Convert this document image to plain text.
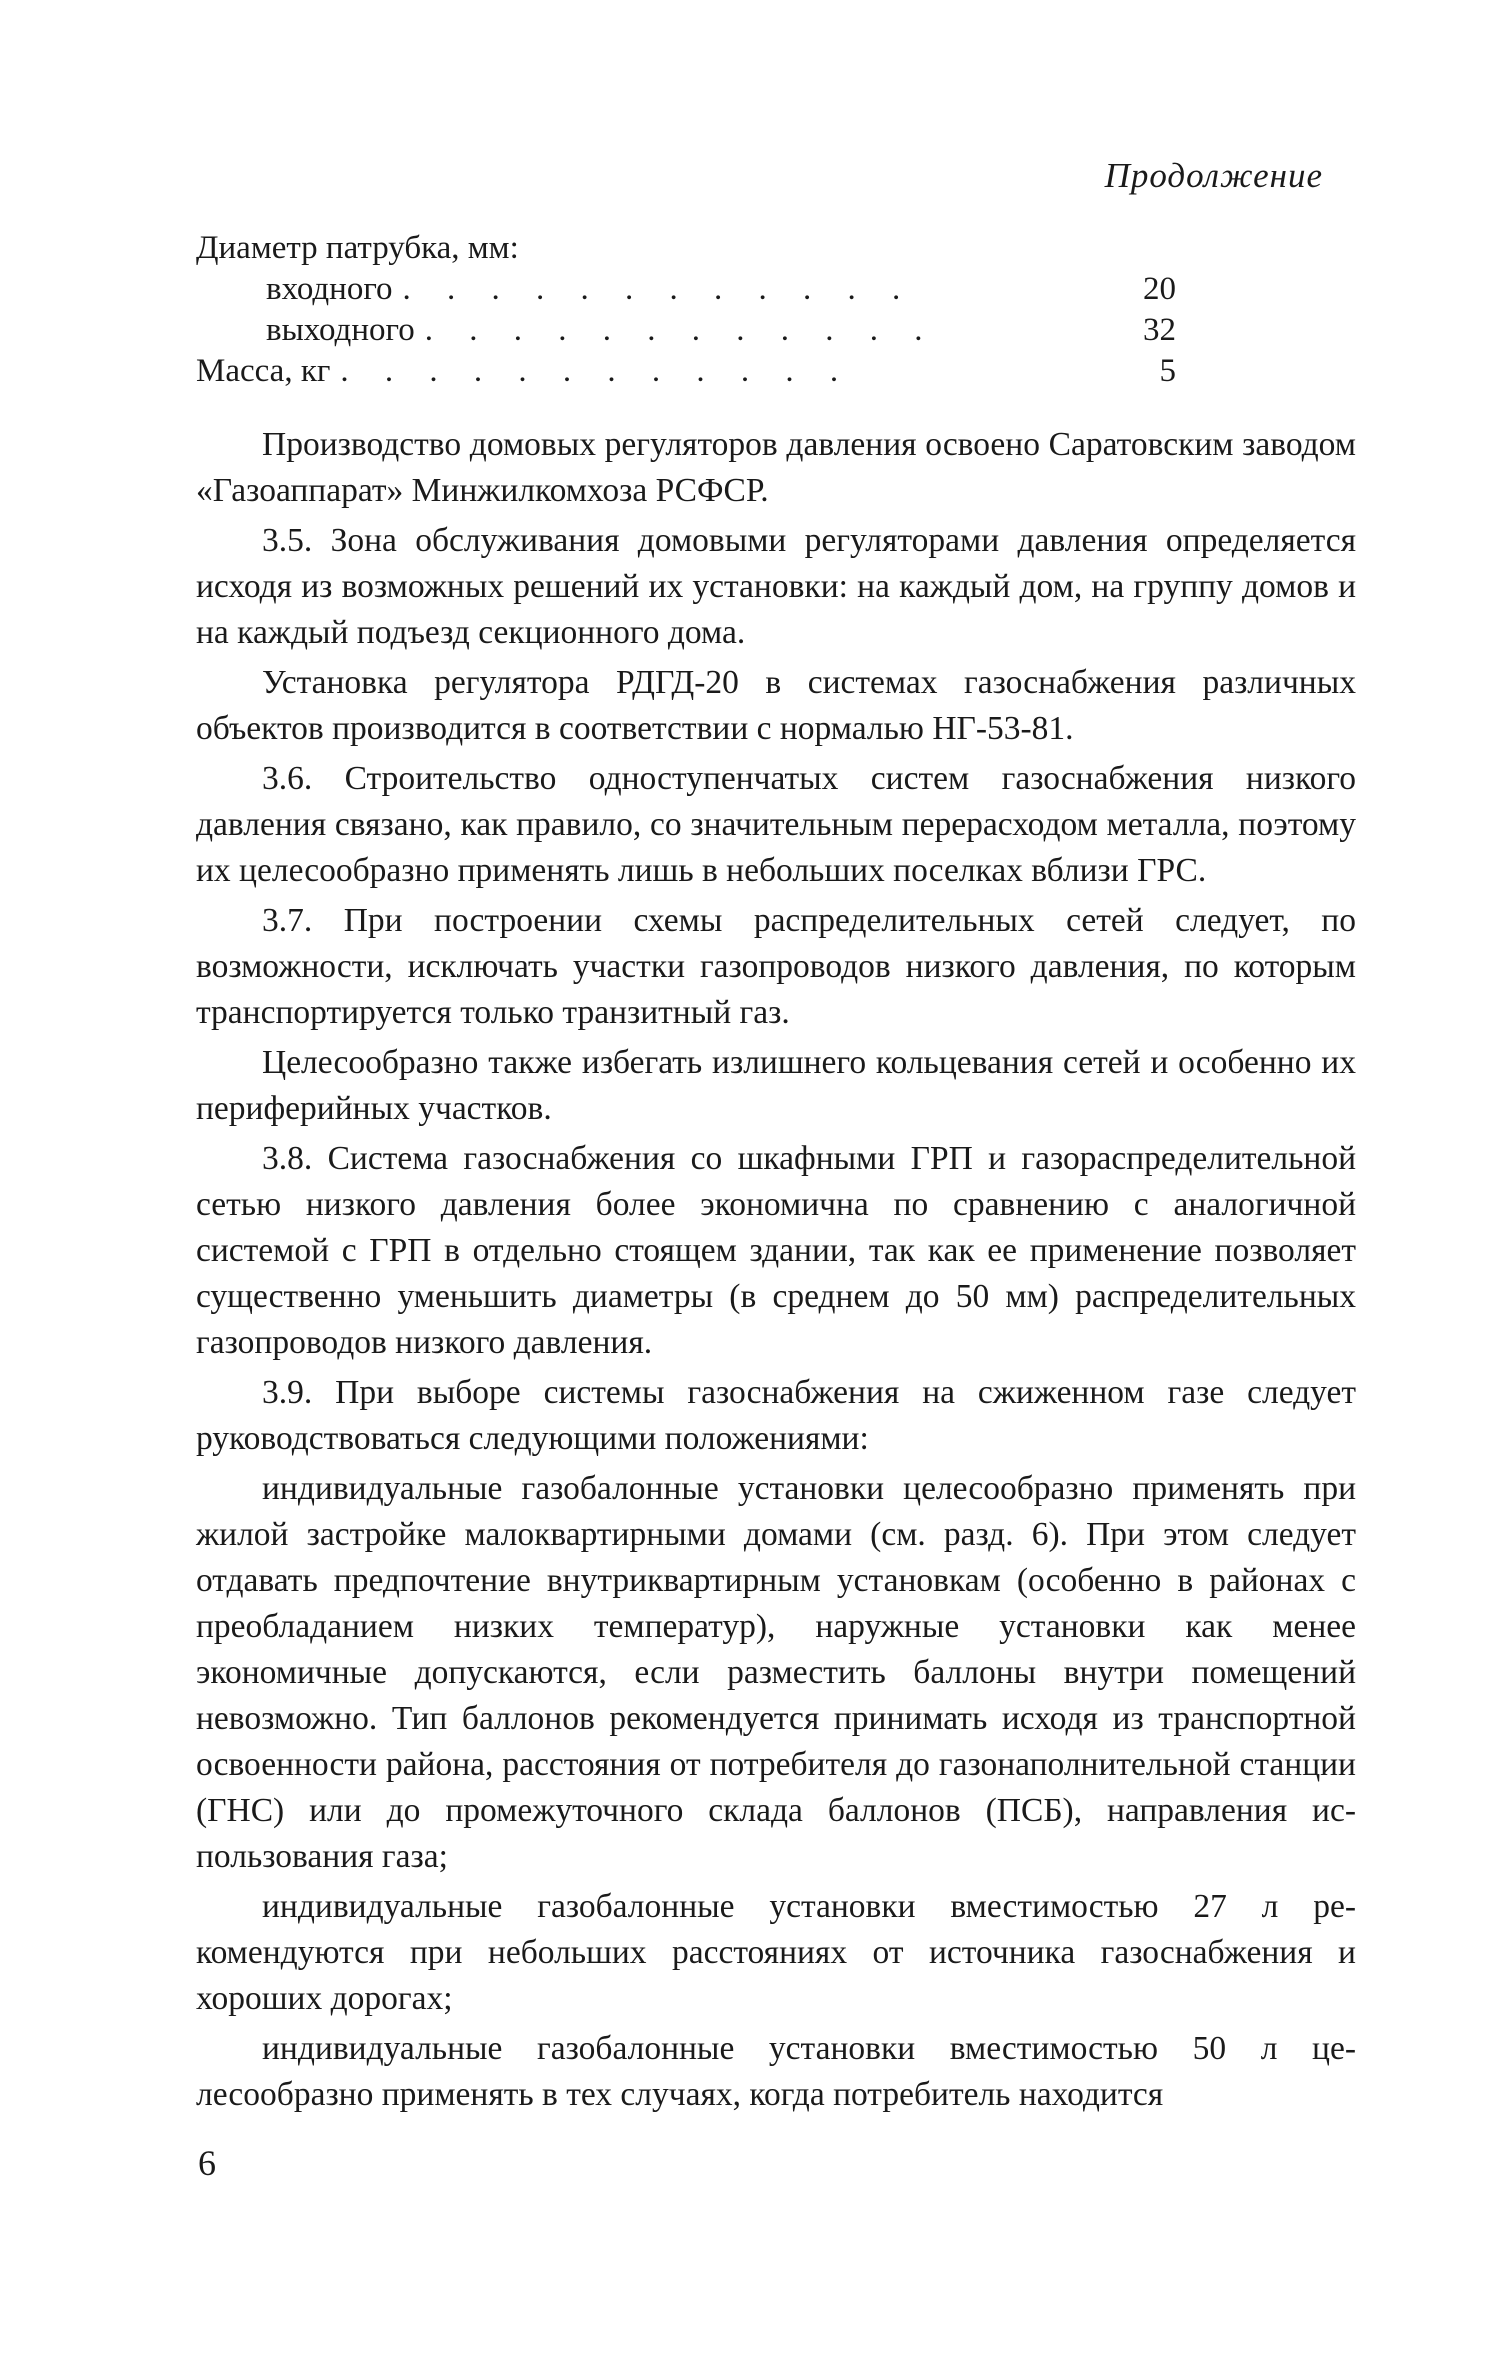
Продолжение
Диаметр патрубка, мм:
входного . . . . . . . . . . . .	20
выходного . . . . . . . . . . . .	32
Масса, кг . . . . . . . . . . . .	5

Производство домовых регуляторов давления освоено Саратовским заводом «Газоаппарат» Минжилкомхоза РСФСР.

3.5. Зона обслуживания домовыми регуляторами давления определяется исходя из возможных решений их установки: на каждый дом, на группу домов и на каждый подъезд секционного дома.

Установка регулятора РДГД-20 в системах газоснабжения различных объектов производится в соответствии с нормалью НГ-53-81.

3.6. Строительство одноступенчатых систем газоснабжения низкого давления связано, как правило, со значительным перерасходом металла, поэтому их целесообразно применять лишь в небольших поселках вблизи ГРС.

3.7. При построении схемы распределительных сетей следует, по возможности, исключать участки газопроводов низкого давления, по которым транспортируется только транзитный газ.

Целесообразно также избегать излишнего кольцевания сетей и особенно их периферийных участков.

3.8. Система газоснабжения со шкафными ГРП и газораспределительной сетью низкого давления более экономична по сравнению с аналогичной системой с ГРП в отдельно стоящем здании, так как ее применение позволяет существенно уменьшить диаметры (в среднем до 50 мм) распределительных газопроводов низкого давления.

3.9. При выборе системы газоснабжения на сжиженном газе следует руководствоваться следующими положениями:

индивидуальные газобалонные установки целесообразно применять при жилой застройке малоквартирными домами (см. разд. 6). При этом следует отдавать предпочтение внутриквартирным установкам (особенно в районах с преобладанием низких температур), наружные установки как менее экономичные допускаются, если разместить баллоны внутри помещений невозможно. Тип баллонов рекомендуется принимать исходя из транспортной освоенности района, расстояния от потребителя до газонаполнительной станции (ГНС) или до промежуточного склада баллонов (ПСБ), направления использования газа;

индивидуальные газобалонные установки вместимостью 27 л рекомендуются при небольших расстояниях от источника газоснабжения и хороших дорогах;

индивидуальные газобалонные установки вместимостью 50 л целесообразно применять в тех случаях, когда потребитель находится

6
